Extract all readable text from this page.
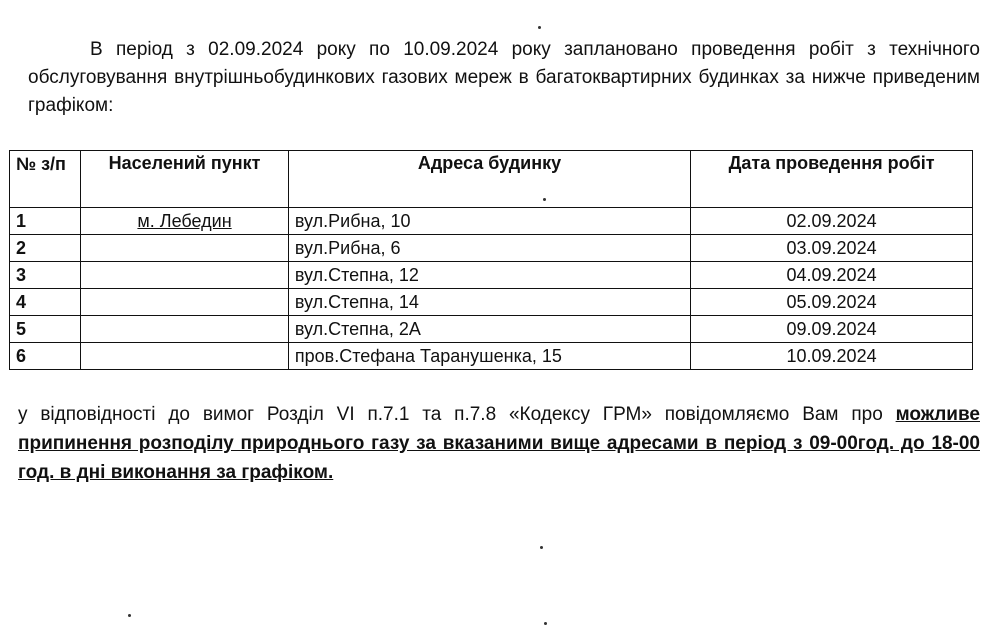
В період з 02.09.2024 року по 10.09.2024 року заплановано проведення робіт з технічного обслуговування внутрішньобудинкових газових мереж в багатоквартирних будинках за нижче приведеним графіком:

№ з/п	Населений пункт	Адреса будинку	Дата проведення робіт
1	м. Лебедин	вул.Рибна, 10	02.09.2024
2		вул.Рибна, 6	03.09.2024
3		вул.Степна, 12	04.09.2024
4		вул.Степна, 14	05.09.2024
5		вул.Степна, 2А	09.09.2024
6		пров.Стефана Таранушенка, 15	10.09.2024

у відповідності до вимог Розділ VI п.7.1 та п.7.8 «Кодексу ГРМ» повідомляємо Вам про можливе припинення розподілу природнього газу за вказаними вище адресами в період з 09-00год. до 18-00 год. в дні виконання за графіком.
